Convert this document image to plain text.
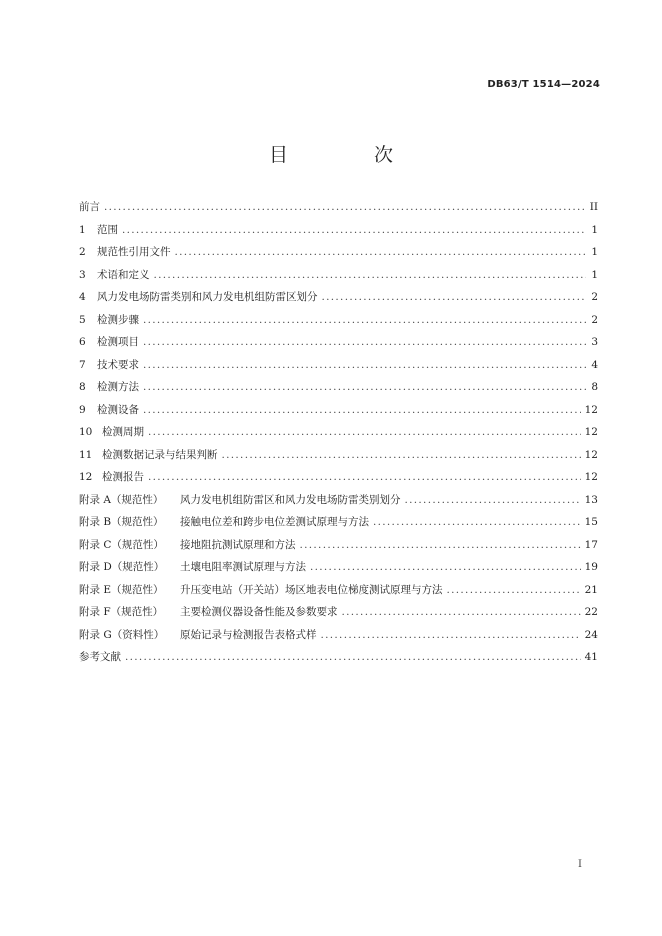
DB63/T 1514—2024
目 次
前言 .....	II
1	范围 .....	1
2	规范性引用文件 .....	1
3	术语和定义 .....	1
4	风力发电场防雷类别和风力发电机组防雷区划分 .....	2
5	检测步骤 .....	2
6	检测项目 .....	3
7	技术要求 .....	4
8	检测方法 .....	8
9	检测设备 .....	12
10 检测周期 .....	12
11 检测数据记录与结果判断 .....	12
12 检测报告 .....	12
附录 A（规范性）	风力发电机组防雷区和风力发电场防雷类别划分 .....	13
附录 B（规范性）	接触电位差和跨步电位差测试原理与方法 .....	15
附录 C（规范性）	接地阻抗测试原理和方法 .....	17
附录 D（规范性）	土壤电阻率测试原理与方法 .....	19
附录 E（规范性）	升压变电站（开关站）场区地表电位梯度测试原理与方法 .....	21
附录 F（规范性）	主要检测仪器设备性能及参数要求 .....	22
附录 G（资料性）	原始记录与检测报告表格式样 .....	24
参考文献 .....	41
I
